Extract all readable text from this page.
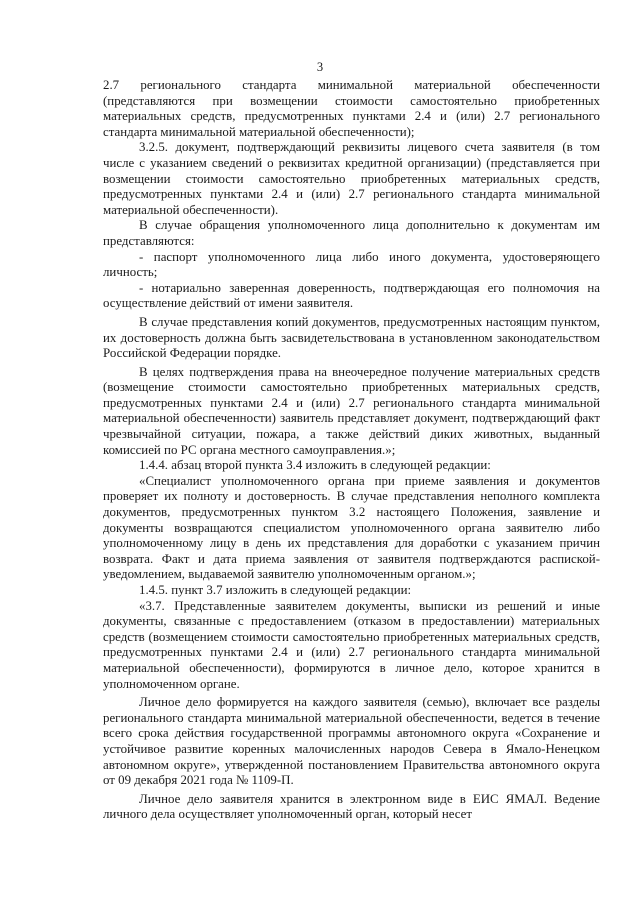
3

2.7 регионального стандарта минимальной материальной обеспеченности (представляются при возмещении стоимости самостоятельно приобретенных материальных средств, предусмотренных пунктами 2.4 и (или) 2.7 регионального стандарта минимальной материальной обеспеченности);

3.2.5. документ, подтверждающий реквизиты лицевого счета заявителя (в том числе с указанием сведений о реквизитах кредитной организации) (представляется при возмещении стоимости самостоятельно приобретенных материальных средств, предусмотренных пунктами 2.4 и (или) 2.7 регионального стандарта минимальной материальной обеспеченности).

В случае обращения уполномоченного лица дополнительно к документам им представляются:

- паспорт уполномоченного лица либо иного документа, удостоверяющего личность;

- нотариально заверенная доверенность, подтверждающая его полномочия на осуществление действий от имени заявителя.

В случае представления копий документов, предусмотренных настоящим пунктом, их достоверность должна быть засвидетельствована в установленном законодательством Российской Федерации порядке.

В целях подтверждения права на внеочередное получение материальных средств (возмещение стоимости самостоятельно приобретенных материальных средств, предусмотренных пунктами 2.4 и (или) 2.7 регионального стандарта минимальной материальной обеспеченности) заявитель представляет документ, подтверждающий факт чрезвычайной ситуации, пожара, а также действий диких животных, выданный комиссией по РС органа местного самоуправления.»;

1.4.4. абзац второй пункта 3.4 изложить в следующей редакции:

«Специалист уполномоченного органа при приеме заявления и документов проверяет их полноту и достоверность. В случае представления неполного комплекта документов, предусмотренных пунктом 3.2 настоящего Положения, заявление и документы возвращаются специалистом уполномоченного органа заявителю либо уполномоченному лицу в день их представления для доработки с указанием причин возврата. Факт и дата приема заявления от заявителя подтверждаются распиской-уведомлением, выдаваемой заявителю уполномоченным органом.»;

1.4.5. пункт 3.7 изложить в следующей редакции:

«3.7. Представленные заявителем документы, выписки из решений и иные документы, связанные с предоставлением (отказом в предоставлении) материальных средств (возмещением стоимости самостоятельно приобретенных материальных средств, предусмотренных пунктами 2.4 и (или) 2.7 регионального стандарта минимальной материальной обеспеченности), формируются в личное дело, которое хранится в уполномоченном органе.

Личное дело формируется на каждого заявителя (семью), включает все разделы регионального стандарта минимальной материальной обеспеченности, ведется в течение всего срока действия государственной программы автономного округа «Сохранение и устойчивое развитие коренных малочисленных народов Севера в Ямало-Ненецком автономном округе», утвержденной постановлением Правительства автономного округа от 09 декабря 2021 года № 1109-П.

Личное дело заявителя хранится в электронном виде в ЕИС ЯМАЛ. Ведение личного дела осуществляет уполномоченный орган, который несет
